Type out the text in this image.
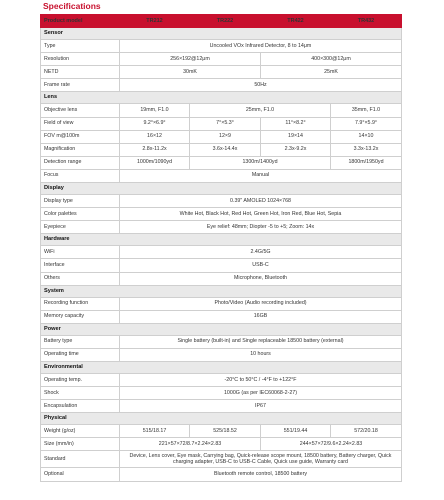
Specifications
Product model	TR212	TR222	TR422	TR432
Sensor				
Type	Uncooled VOx Infrared Detector, 8 to 14μm			
Resolution	256×192@12μm		400×300@12μm	
NETD	30mK		25mK	
Frame rate	50Hz			
Lens				
Objective lens	19mm, F1.0	25mm, F1.0		35mm, F1.0
Field of view	9.2°×6.9°	7°×5.3°	11°×8.2°	7.9°×5.9°
FOV m@100m	16×12	12×9	19×14	14×10
Magnification	2.8x-11.2x	3.6x-14.4x	2.3x-9.2x	3.3x-13.2x
Detection range	1000m/1090yd	1300m/1400yd		1800m/1950yd
Focus	Manual			
Display				
Display type	0.39" AMOLED 1024×768			
Color palettes	White Hot, Black Hot, Red Hot, Green Hot, Iron Red, Blue Hot, Sepia			
Eyepiece	Eye relief: 48mm; Diopter -5 to +5; Zoom: 14x			
Hardware				
WiFi	2.4G/5G			
Interface	USB-C			
Others	Microphone, Bluetooth			
System				
Recording function	Photo/Video (Audio recording included)			
Memory capacity	16GB			
Power				
Battery type	Single battery (built-in) and Single replaceable 18500 battery (external)			
Operating time	10 hours			
Environmental				
Operating temp.	-20°C to 50°C / -4°F to +122°F			
Shock	1000G (as per IEC60068-2-27)			
Encapsulation	IP67			
Physical				
Weight (g/oz)	515/18.17	525/18.52	551/19.44	572/20.18
Size (mm/in)	221×57×72/8.7×2.24×2.83		244×57×72/9.6×2.24×2.83	
Standard	Device, Lens cover, Eye mask, Carrying bag, Quick-release scope mount, 18500 battery, Battery charger, Quick charging adapter, USB-C to USB-C Cable, Quick use guide, Warranty card			
Optional	Bluetooth remote control, 18500 battery			
